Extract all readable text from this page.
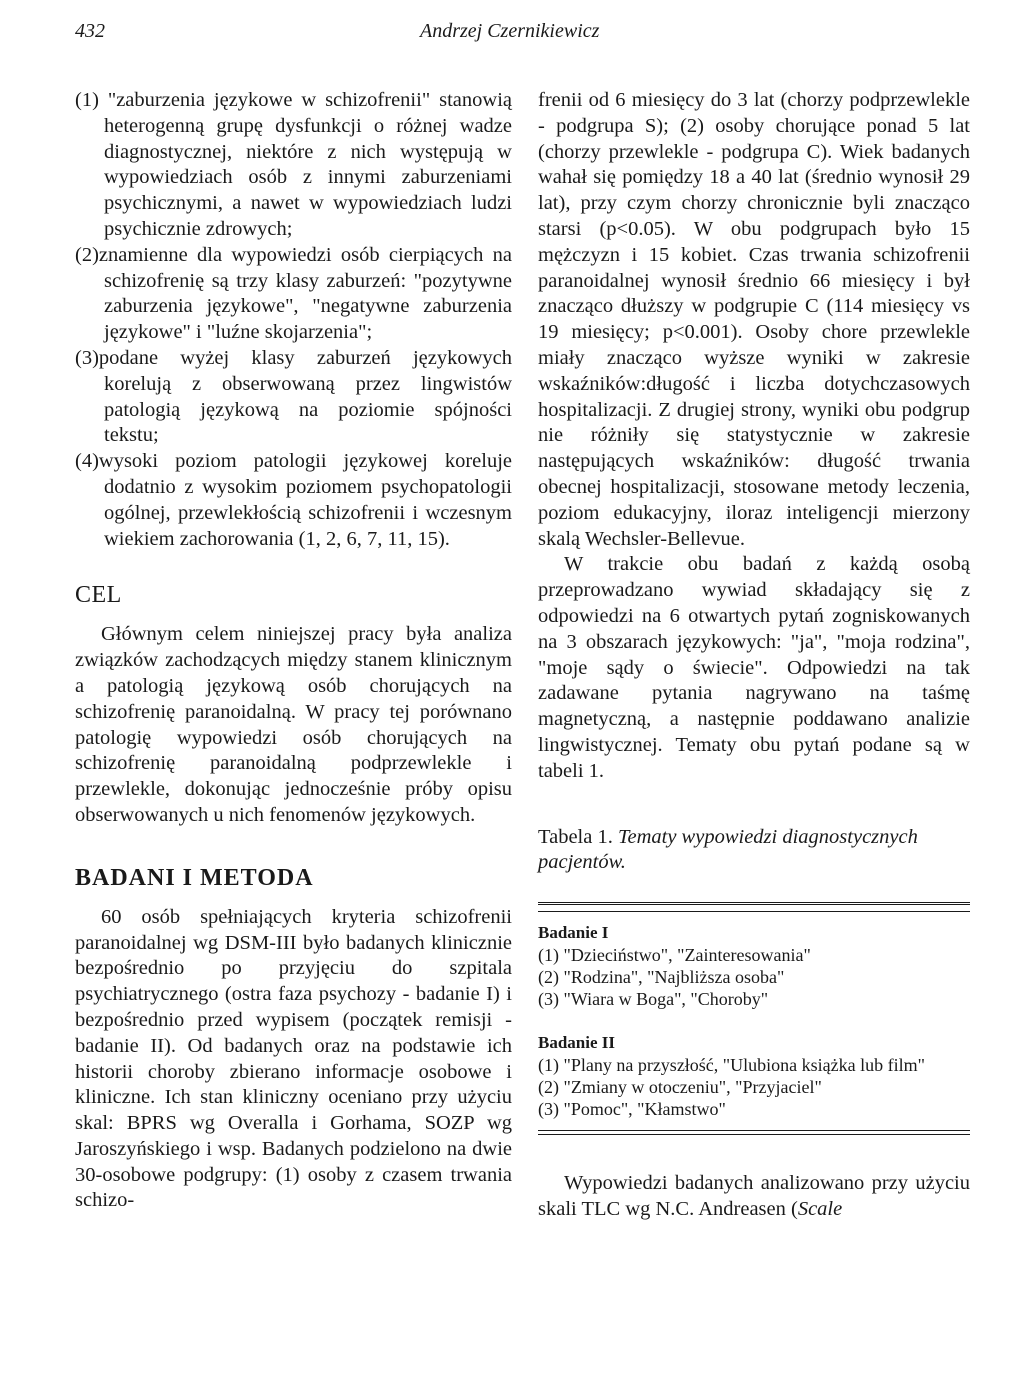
432	Andrzej Czernikiewicz
(1) "zaburzenia językowe w schizofrenii" stanowią heterogenną grupę dysfunkcji o różnej wadze diagnostycznej, niektóre z nich występują w wypowiedziach osób z innymi zaburzeniami psychicznymi, a nawet w wypowiedziach ludzi psychicznie zdrowych;
(2)znamienne dla wypowiedzi osób cierpiących na schizofrenię są trzy klasy zaburzeń: "pozytywne zaburzenia językowe", "negatywne zaburzenia językowe" i "luźne skojarzenia";
(3)podane wyżej klasy zaburzeń językowych korelują z obserwowaną przez lingwistów patologią językową na poziomie spójności tekstu;
(4)wysoki poziom patologii językowej koreluje dodatnio z wysokim poziomem psychopatologii ogólnej, przewlekłością schizofrenii i wczesnym wiekiem zachorowania (1, 2, 6, 7, 11, 15).
CEL

Głównym celem niniejszej pracy była analiza związków zachodzących między stanem klinicznym a patologią językową osób chorujących na schizofrenię paranoidalną. W pracy tej porównano patologię wypowiedzi osób chorujących na schizofrenię paranoidalną podprzewlekle i przewlekle, dokonując jednocześnie próby opisu obserwowanych u nich fenomenów językowych.

BADANI I METODA

60 osób spełniających kryteria schizofrenii paranoidalnej wg DSM-III było badanych klinicznie bezpośrednio po przyjęciu do szpitala psychiatrycznego (ostra faza psychozy - badanie I) i bezpośrednio przed wypisem (początek remisji - badanie II). Od badanych oraz na podstawie ich historii choroby zbierano informacje osobowe i kliniczne. Ich stan kliniczny oceniano przy użyciu skal: BPRS wg Overalla i Gorhama, SOZP wg Jaroszyńskiego i wsp. Badanych podzielono na dwie 30-osobowe podgrupy: (1) osoby z czasem trwania schizo-

frenii od 6 miesięcy do 3 lat (chorzy podprzewlekle - podgrupa S); (2) osoby chorujące ponad 5 lat (chorzy przewlekle - podgrupa C). Wiek badanych wahał się pomiędzy 18 a 40 lat (średnio wynosił 29 lat), przy czym chorzy chronicznie byli znacząco starsi (p<0.05). W obu podgrupach było 15 mężczyzn i 15 kobiet. Czas trwania schizofrenii paranoidalnej wynosił średnio 66 miesięcy i był znacząco dłuższy w podgrupie C (114 miesięcy vs 19 miesięcy; p<0.001). Osoby chore przewlekle miały znacząco wyższe wyniki w zakresie wskaźników:długość i liczba dotychczasowych hospitalizacji. Z drugiej strony, wyniki obu podgrup nie różniły się statystycznie w zakresie następujących wskaźników: długość trwania obecnej hospitalizacji, stosowane metody leczenia, poziom edukacyjny, iloraz inteligencji mierzony skalą Wechsler-Bellevue.

W trakcie obu badań z każdą osobą przeprowadzano wywiad składający się z odpowiedzi na 6 otwartych pytań zogniskowanych na 3 obszarach językowych: "ja", "moja rodzina", "moje sądy o świecie". Odpowiedzi na tak zadawane pytania nagrywano na taśmę magnetyczną, a następnie poddawano analizie lingwistycznej. Tematy obu pytań podane są w tabeli 1.

Tabela 1. Tematy wypowiedzi diagnostycznych pacjentów.
Badanie I
(1) "Dzieciństwo", "Zainteresowania"
(2) "Rodzina", "Najbliższa osoba"
(3) "Wiara w Boga", "Choroby"
Badanie II
(1) "Plany na przyszłość, "Ulubiona książka lub film"
(2) "Zmiany w otoczeniu", "Przyjaciel"
(3) "Pomoc", "Kłamstwo"

Wypowiedzi badanych analizowano przy użyciu skali TLC wg N.C. Andreasen (Scale
